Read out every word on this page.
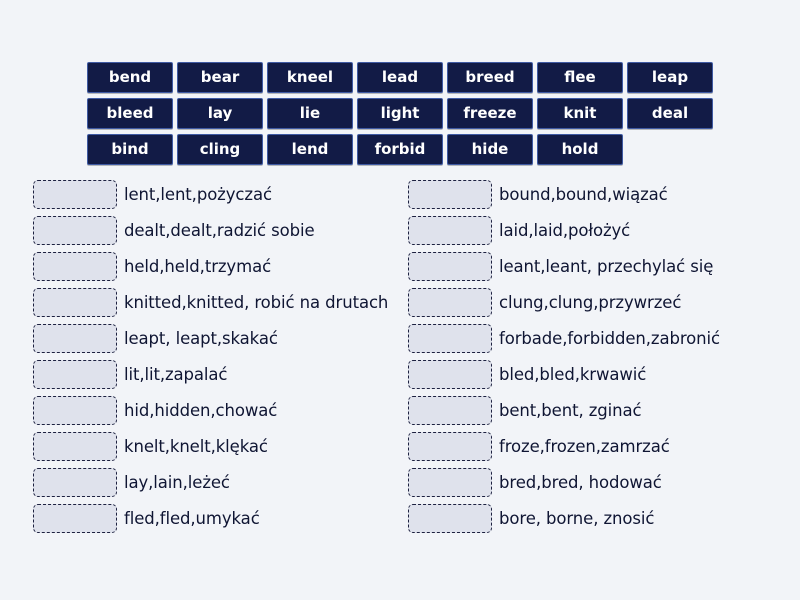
bend	bear	kneel	lead	breed	flee	leap
bleed	lay	lie	light	freeze	knit	deal
bind	cling	lend	forbid	hide	hold
lent,lent,pożyczać
dealt,dealt,radzić sobie
held,held,trzymać
knitted,knitted, robić na drutach
leapt, leapt,skakać
lit,lit,zapalać
hid,hidden,chować
knelt,knelt,klękać
lay,lain,leżeć
fled,fled,umykać
bound,bound,wiązać
laid,laid,położyć
leant,leant, przechylać się
clung,clung,przywrzeć
forbade,forbidden,zabronić
bled,bled,krwawić
bent,bent, zginać
froze,frozen,zamrzać
bred,bred, hodować
bore, borne, znosić
